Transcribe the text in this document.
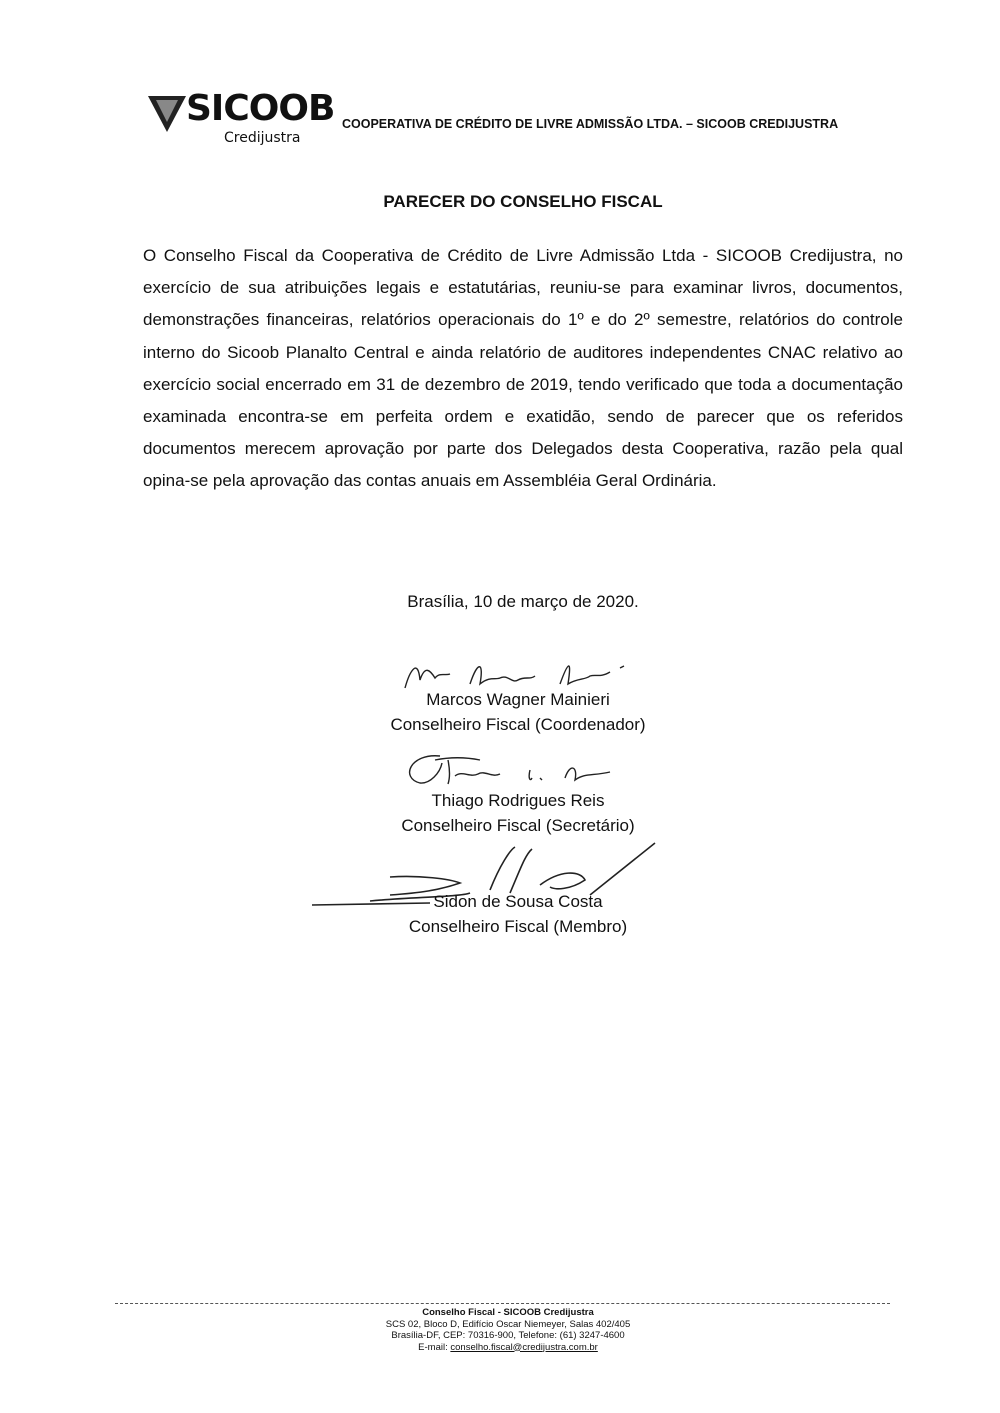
SICOOB
Credijustra
COOPERATIVA DE CRÉDITO DE LIVRE ADMISSÃO LTDA. – SICOOB CREDIJUSTRA
PARECER DO CONSELHO FISCAL
O Conselho Fiscal da Cooperativa de Crédito de Livre Admissão Ltda - SICOOB Credijustra, no exercício de sua atribuições legais e estatutárias, reuniu-se para examinar livros, documentos, demonstrações financeiras, relatórios operacionais do 1º e do 2º semestre, relatórios do controle interno do Sicoob Planalto Central e ainda relatório de auditores independentes CNAC relativo ao exercício social encerrado em 31 de dezembro de 2019, tendo verificado que toda a documentação examinada encontra-se em perfeita ordem e exatidão, sendo de parecer que os referidos documentos merecem aprovação por parte dos Delegados desta Cooperativa, razão pela qual opina-se pela aprovação das contas anuais em Assembléia Geral Ordinária.
Brasília, 10 de março de 2020.
Marcos Wagner Mainieri
Conselheiro Fiscal (Coordenador)
Thiago Rodrigues Reis
Conselheiro Fiscal (Secretário)
Sidon de Sousa Costa
Conselheiro Fiscal (Membro)
Conselho Fiscal - SICOOB Credijustra
SCS 02, Bloco D, Edifício Oscar Niemeyer, Salas 402/405
Brasília-DF, CEP: 70316-900, Telefone: (61) 3247-4600
E-mail: conselho.fiscal@credijustra.com.br
